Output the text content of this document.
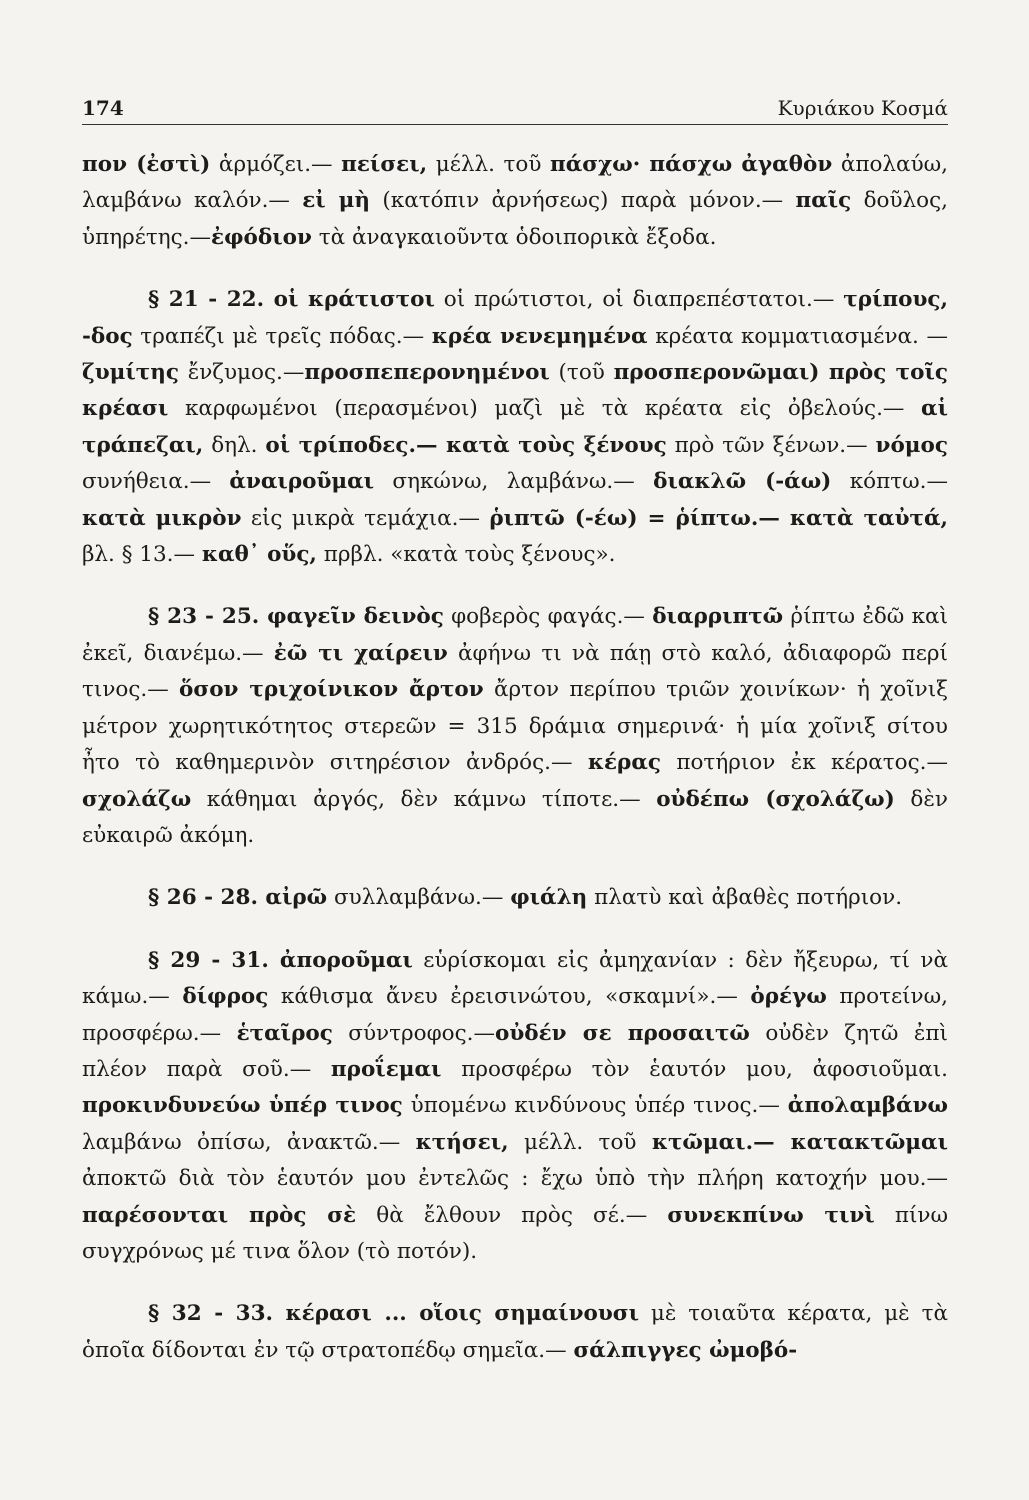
174	Κυριάκου Κοσμά

πον (ἐστὶ) ἁρμόζει.— πείσει, μέλλ. τοῦ πάσχω· πάσχω ἀγαθὸν ἀπολαύω, λαμβάνω καλόν.— εἰ μὴ (κατόπιν ἀρνήσεως) παρὰ μόνον.— παῖς δοῦλος, ὑπηρέτης.—ἐφόδιον τὰ ἀναγκαιοῦντα ὁδοιπορικὰ ἔξοδα.

§ 21 - 22. οἱ κράτιστοι οἱ πρώτιστοι, οἱ διαπρεπέστατοι.— τρίπους, -δος τραπέζι μὲ τρεῖς πόδας.— κρέα νενεμημένα κρέατα κομματιασμένα. — ζυμίτης ἔνζυμος.—προσπεπερονημένοι (τοῦ προσπερονῶμαι) πρὸς τοῖς κρέασι καρφωμένοι (περασμένοι) μαζὶ μὲ τὰ κρέατα εἰς ὀβελούς.— αἱ τράπεζαι, δηλ. οἱ τρίποδες.— κατὰ τοὺς ξένους πρὸ τῶν ξένων.— νόμος συνήθεια.— ἀναιροῦμαι σηκώνω, λαμβάνω.— διακλῶ (-άω) κόπτω.— κατὰ μικρὸν εἰς μικρὰ τεμάχια.— ῥιπτῶ (-έω) = ῥίπτω.— κατὰ ταὐτά, βλ. § 13.— καθ᾽ οὕς, πρβλ. «κατὰ τοὺς ξένους».

§ 23 - 25. φαγεῖν δεινὸς φοβερὸς φαγάς.— διαρριπτῶ ῥίπτω ἐδῶ καὶ ἐκεῖ, διανέμω.— ἐῶ τι χαίρειν ἀφήνω τι νὰ πάῃ στὸ καλό, ἀδιαφορῶ περί τινος.— ὅσον τριχοίνικον ἄρτον ἄρτον περίπου τριῶν χοινίκων· ἡ χοῖνιξ μέτρον χωρητικότητος στερεῶν = 315 δράμια σημερινά· ἡ μία χοῖνιξ σίτου ἦτο τὸ καθημερινὸν σιτηρέσιον ἀνδρός.— κέρας ποτήριον ἐκ κέρατος.— σχολάζω κάθημαι ἀργός, δὲν κάμνω τίποτε.— οὐδέπω (σχολάζω) δὲν εὐκαιρῶ ἀκόμη.

§ 26 - 28. αἰρῶ συλλαμβάνω.— φιάλη πλατὺ καὶ ἀβαθὲς ποτήριον.

§ 29 - 31. ἀποροῦμαι εὑρίσκομαι εἰς ἀμηχανίαν : δὲν ἤξευρω, τί νὰ κάμω.— δίφρος κάθισμα ἄνευ ἐρεισινώτου, «σκαμνί».— ὀρέγω προτείνω, προσφέρω.— ἑταῖρος σύντροφος.—οὐδέν σε προσαιτῶ οὐδὲν ζητῶ ἐπὶ πλέον παρὰ σοῦ.— προΐεμαι προσφέρω τὸν ἑαυτόν μου, ἀφοσιοῦμαι. προκινδυνεύω ὑπέρ τινος ὑπομένω κινδύνους ὑπέρ τινος.— ἀπολαμβάνω λαμβάνω ὀπίσω, ἀνακτῶ.— κτήσει, μέλλ. τοῦ κτῶμαι.— κατακτῶμαι ἀποκτῶ διὰ τὸν ἑαυτόν μου ἐντελῶς : ἔχω ὑπὸ τὴν πλήρη κατοχήν μου.— παρέσονται πρὸς σὲ θὰ ἔλθουν πρὸς σέ.— συνεκπίνω τινὶ πίνω συγχρόνως μέ τινα ὅλον (τὸ ποτόν).

§ 32 - 33. κέρασι ... οἵοις σημαίνουσι μὲ τοιαῦτα κέρατα, μὲ τὰ ὁποῖα δίδονται ἐν τῷ στρατοπέδῳ σημεῖα.— σάλπιγγες ὠμοβό-
